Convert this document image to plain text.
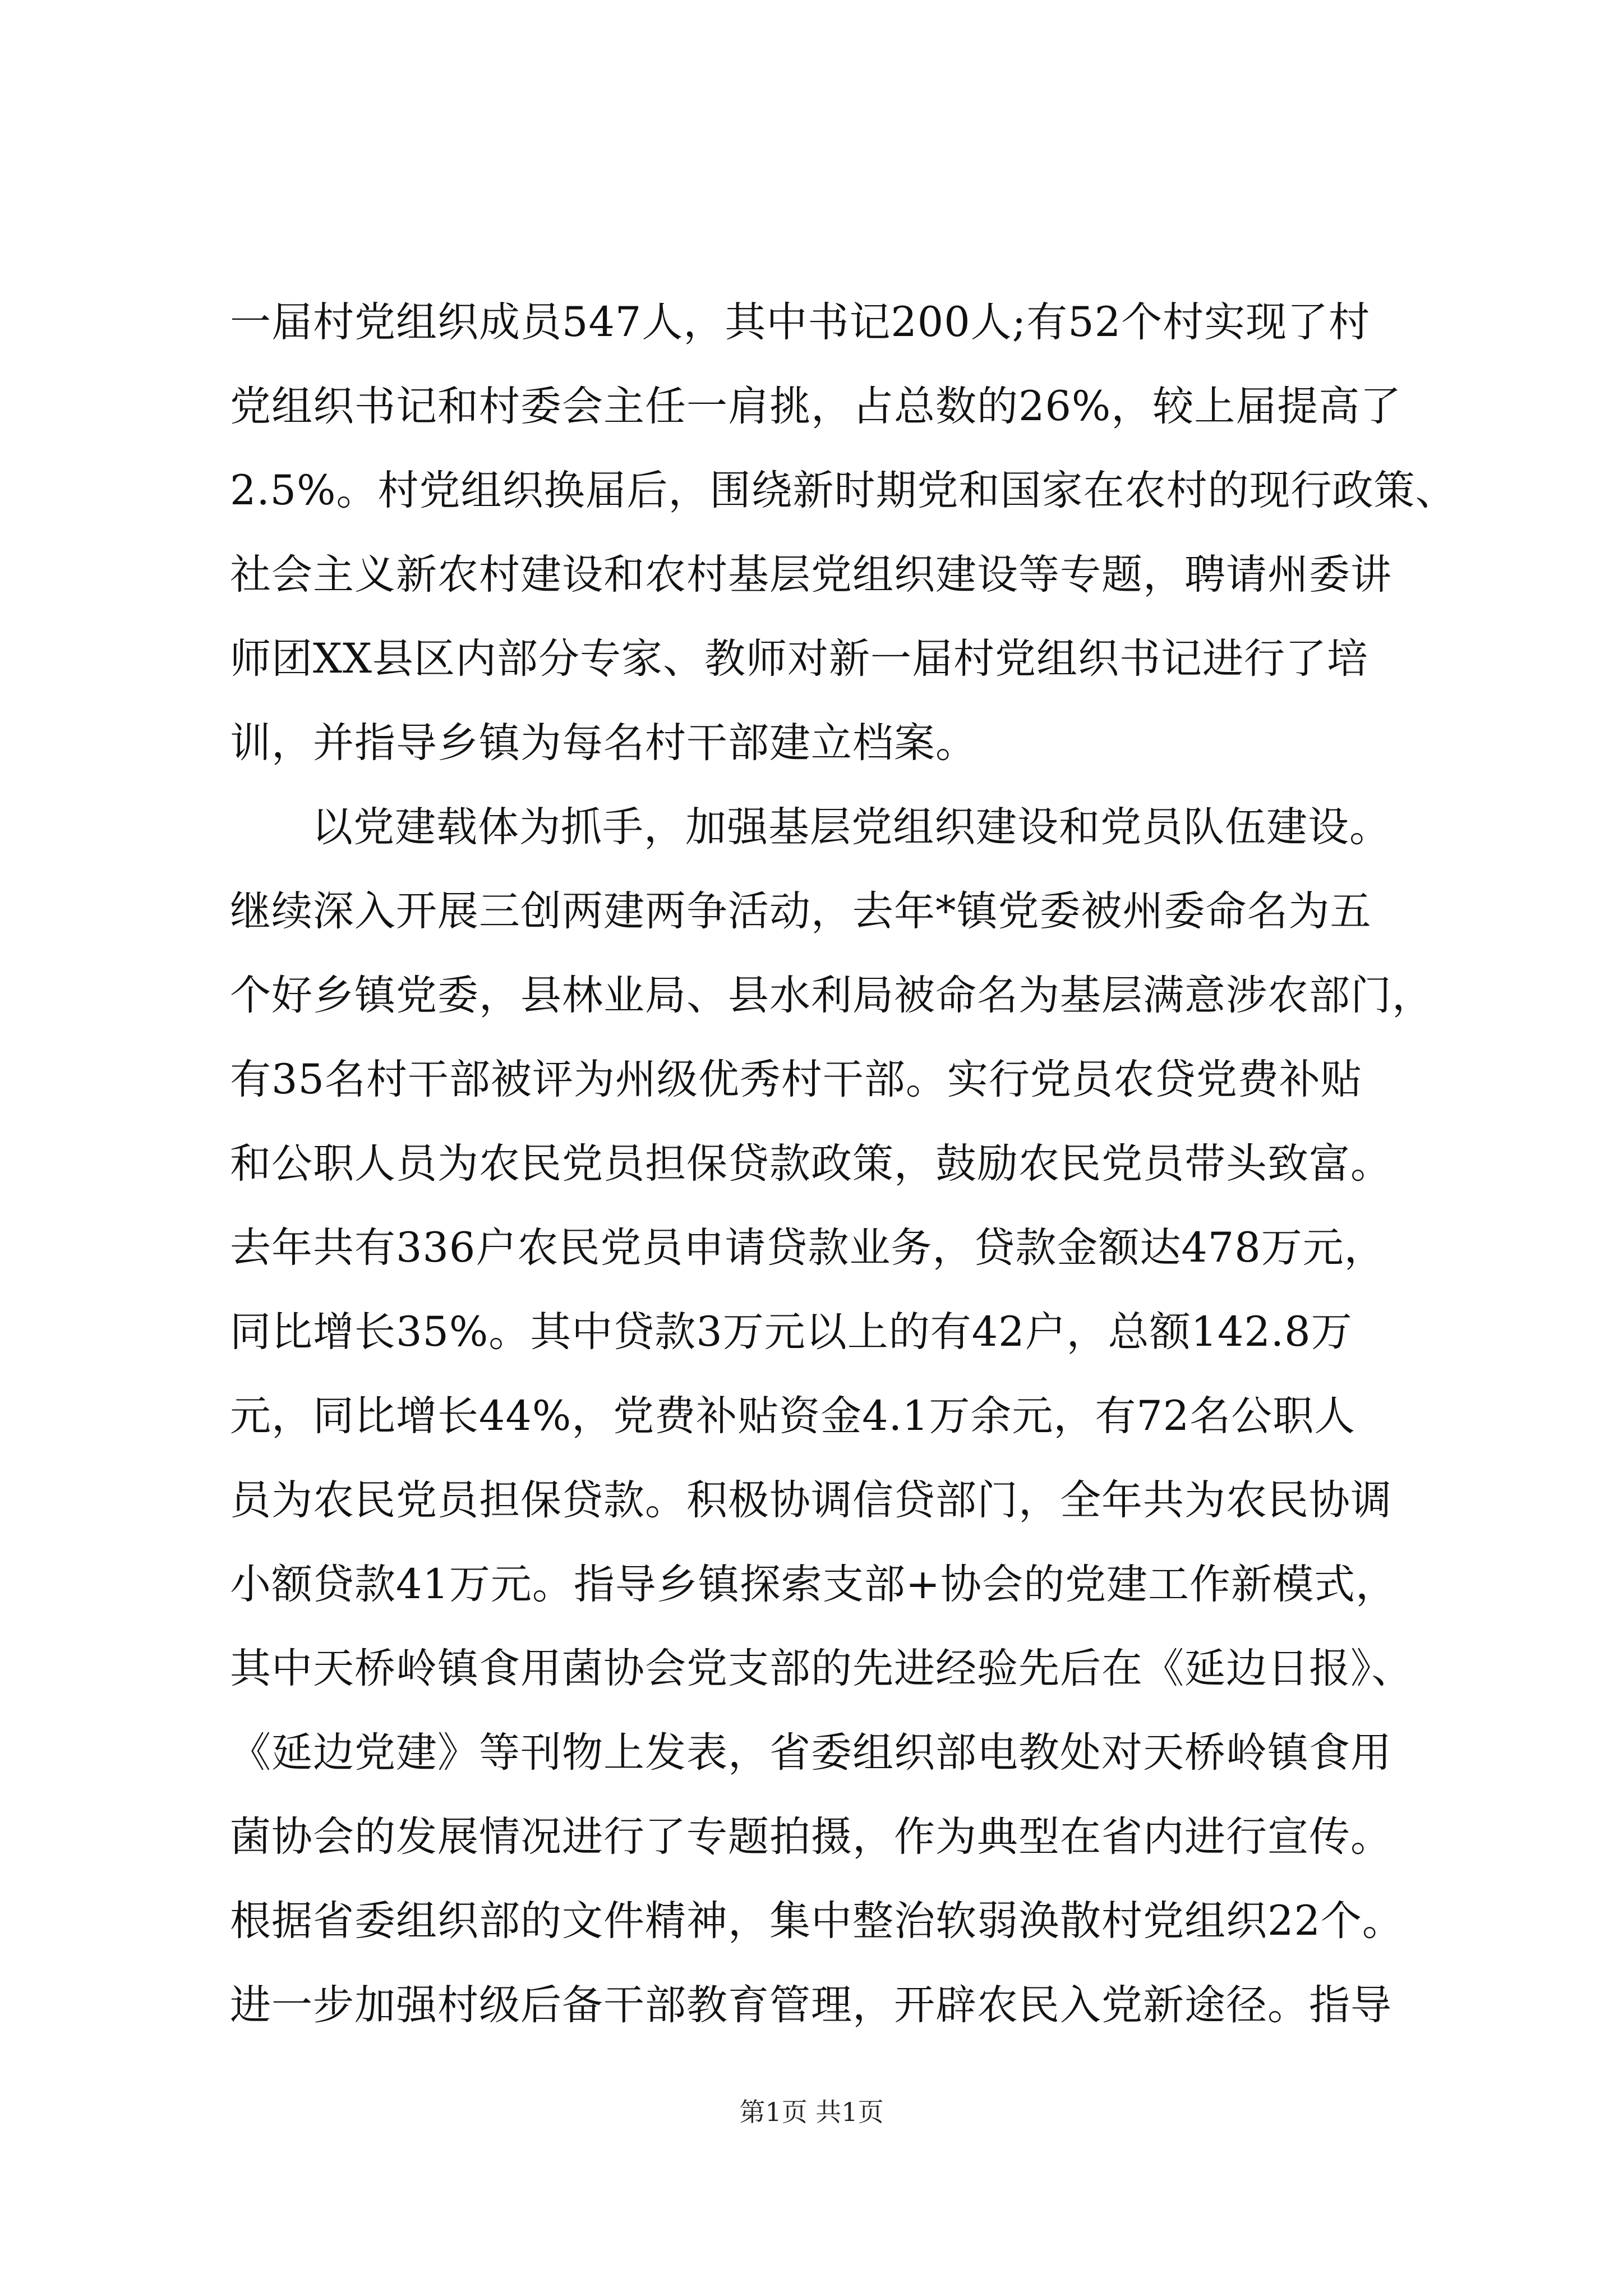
一届村党组织成员547人，其中书记200人;有52个村实现了村
党组织书记和村委会主任一肩挑，占总数的26%，较上届提高了
2.5%。村党组织换届后，围绕新时期党和国家在农村的现行政策、
社会主义新农村建设和农村基层党组织建设等专题，聘请州委讲
师团XX县区内部分专家、教师对新一届村党组织书记进行了培
训，并指导乡镇为每名村干部建立档案。
以党建载体为抓手，加强基层党组织建设和党员队伍建设。
继续深入开展三创两建两争活动，去年*镇党委被州委命名为五
个好乡镇党委，县林业局、县水利局被命名为基层满意涉农部门，
有35名村干部被评为州级优秀村干部。实行党员农贷党费补贴
和公职人员为农民党员担保贷款政策，鼓励农民党员带头致富。
去年共有336户农民党员申请贷款业务，贷款金额达478万元，
同比增长35%。其中贷款3万元以上的有42户，总额142.8万
元，同比增长44%，党费补贴资金4.1万余元，有72名公职人
员为农民党员担保贷款。积极协调信贷部门，全年共为农民协调
小额贷款41万元。指导乡镇探索支部+协会的党建工作新模式，
其中天桥岭镇食用菌协会党支部的先进经验先后在《延边日报》、
《延边党建》等刊物上发表，省委组织部电教处对天桥岭镇食用
菌协会的发展情况进行了专题拍摄，作为典型在省内进行宣传。
根据省委组织部的文件精神，集中整治软弱涣散村党组织22个。
进一步加强村级后备干部教育管理，开辟农民入党新途径。指导
第1页 共1页
